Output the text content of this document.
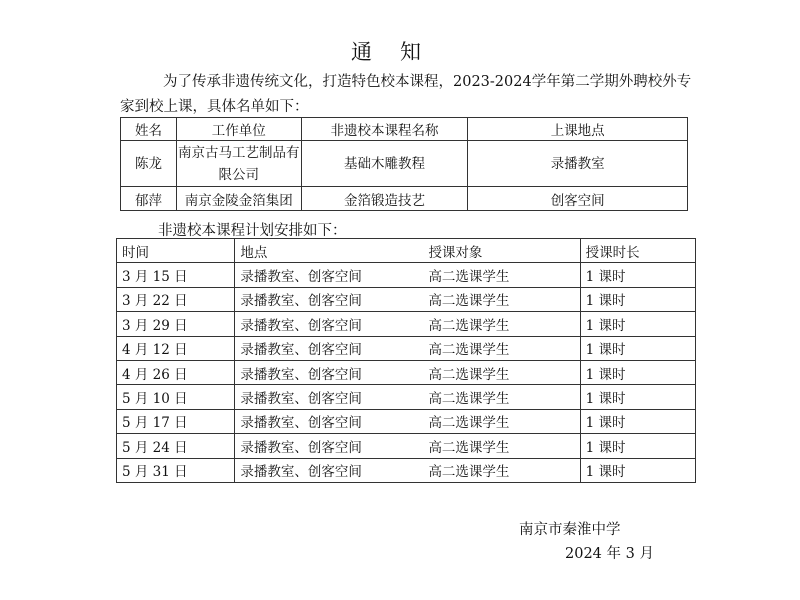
通知
为了传承非遗传统文化，打造特色校本课程，2023-2024学年第二学期外聘校外专家到校上课，具体名单如下：
姓名	工作单位	非遗校本课程名称	上课地点
陈龙	南京古马工艺制品有限公司	基础木雕教程	录播教室
郁萍	南京金陵金箔集团	金箔锻造技艺	创客空间
非遗校本课程计划安排如下：
时间	地点	授课对象	授课时长
3 月 15 日	录播教室、创客空间	高二选课学生	1 课时
3 月 22 日	录播教室、创客空间	高二选课学生	1 课时
3 月 29 日	录播教室、创客空间	高二选课学生	1 课时
4 月 12 日	录播教室、创客空间	高二选课学生	1 课时
4 月 26 日	录播教室、创客空间	高二选课学生	1 课时
5 月 10 日	录播教室、创客空间	高二选课学生	1 课时
5 月 17 日	录播教室、创客空间	高二选课学生	1 课时
5 月 24 日	录播教室、创客空间	高二选课学生	1 课时
5 月 31 日	录播教室、创客空间	高二选课学生	1 课时
南京市秦淮中学
2024 年 3 月
